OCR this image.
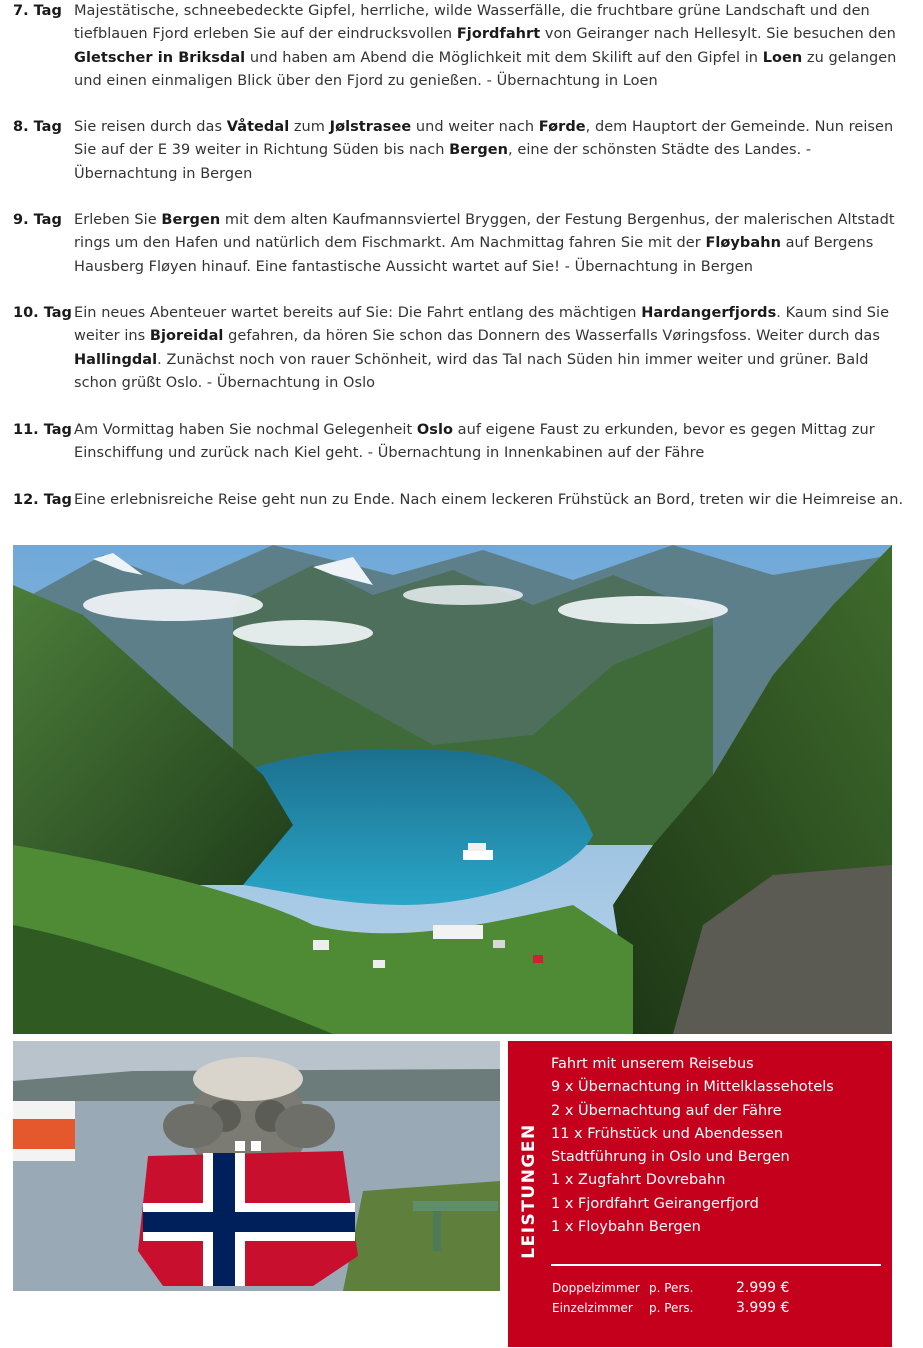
7. Tag Majestätische, schneebedeckte Gipfel, herrliche, wilde Wasserfälle, die fruchtbare grüne Landschaft und den tiefblauen Fjord erleben Sie auf der eindrucksvollen Fjordfahrt von Geiranger nach Hellesylt. Sie besuchen den Gletscher in Briksdal und haben am Abend die Möglichkeit mit dem Skilift auf den Gipfel in Loen zu gelangen und einen einmaligen Blick über den Fjord zu genießen. - Übernachtung in Loen
8. Tag Sie reisen durch das Våtedal zum Jølstrasee und weiter nach Førde, dem Hauptort der Gemeinde. Nun reisen Sie auf der E 39 weiter in Richtung Süden bis nach Bergen, eine der schönsten Städte des Landes. - Übernachtung in Bergen
9. Tag Erleben Sie Bergen mit dem alten Kaufmannsviertel Bryggen, der Festung Bergenhus, der malerischen Altstadt rings um den Hafen und natürlich dem Fischmarkt. Am Nachmittag fahren Sie mit der Fløybahn auf Bergens Hausberg Fløyen hinauf. Eine fantastische Aussicht wartet auf Sie! - Übernachtung in Bergen
10. Tag Ein neues Abenteuer wartet bereits auf Sie: Die Fahrt entlang des mächtigen Hardangerfjords. Kaum sind Sie weiter ins Bjoreidal gefahren, da hören Sie schon das Donnern des Wasserfalls Vøringsfoss. Weiter durch das Hallingdal. Zunächst noch von rauer Schönheit, wird das Tal nach Süden hin immer weiter und grüner. Bald schon grüßt Oslo. - Übernachtung in Oslo
11. Tag Am Vormittag haben Sie nochmal Gelegenheit Oslo auf eigene Faust zu erkunden, bevor es gegen Mittag zur Einschiffung und zurück nach Kiel geht. - Übernachtung in Innenkabinen auf der Fähre
12. Tag Eine erlebnisreiche Reise geht nun zu Ende. Nach einem leckeren Frühstück an Bord, treten wir die Heimreise an.
LEISTUNGEN
Fahrt mit unserem Reisebus
9 x Übernachtung in Mittelklassehotels
2 x Übernachtung auf der Fähre
11 x Frühstück und Abendessen
Stadtführung in Oslo und Bergen
1 x Zugfahrt Dovrebahn
1 x Fjordfahrt Geirangerfjord
1 x Floybahn Bergen
Doppelzimmer p. Pers.	2.999 €
Einzelzimmer p. Pers.	3.999 €
